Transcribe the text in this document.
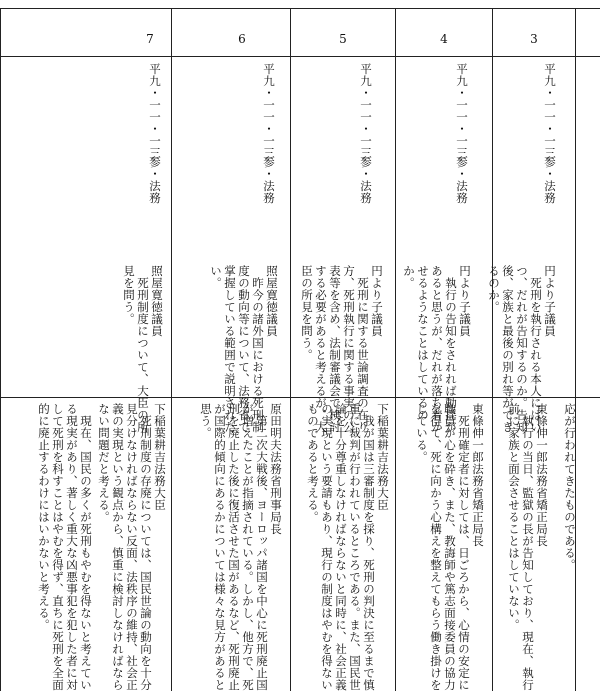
3
平九・一一・一三
参・法務
円より子議員
　死刑を執行される本人にはい
つ、だれが告知するのか。告知
後、家族と最後の別れ等ができ
るのか。
応が行われてきたものである。
東條伸一郎法務省矯正局長
　執行の当日、監獄の長が告知しており、現在、執行
前に家族と面会させることはしていない。
4
平九・一一・一三
参・法務
円より子議員
　執行の告知をされれば動揺が
あると思うが、だれが落ち着か
せるようなことはしているの
か。
東條伸一郎法務省矯正局長
　死刑確定者に対しては、日ごろから、心情の安定に
職員が心を砕き、また、教誨師や篤志面接委員の協力
を得て、死に向かう心構えを整えてもらう働き掛けを
している。
5
平九・一一・一三
参・法務
円より子議員
　死刑に関する世論調査の在り
方、死刑執行に関する事実の公
表等を含め、法制審議会で検討
する必要があると考えるが、大
臣の所見を問う。
下稲葉耕吉法務大臣
　我が国は三審制度を採り、死刑の判決に至るまで慎
重に裁判が行われているところである。また、国民世
論を十分尊重しなければならないと同時に、社会正義
の実現という要請もあり、現行の制度はやむを得ない
ものであると考える。
6
平九・一一・一三
参・法務
照屋寛徳議員
　昨今の諸外国における死刑制
度の動向等について、法務省で
掌握している範囲で説明された
い。
原田明夫法務省刑事局長
　第二次大戦後、ヨーロッパ諸国を中心に死刑廃止国
が増えたことが指摘されている。しかし、他方で、死
刑を廃止した後に復活させた国があるなど、死刑廃止
が国際的傾向にあるかについては様々な見方があると
思う。
7
平九・一一・一三
参・法務
照屋寛徳議員
　死刑制度について、大臣の所
見を問う。
下稲葉耕吉法務大臣
　死刑制度の存廃については、国民世論の動向を十分
見分けなければならない反面、法秩序の維持、社会正
義の実現という観点から、慎重に検討しなければなら
ない問題だと考える。
　現在、国民の多くが死刑もやむを得ないと考えてい
る現実があり、著しく重大な凶悪事犯を犯した者に対
して死刑を科すことはやむを得ず、直ちに死刑を全面
的に廃止するわけにはいかないと考える。
